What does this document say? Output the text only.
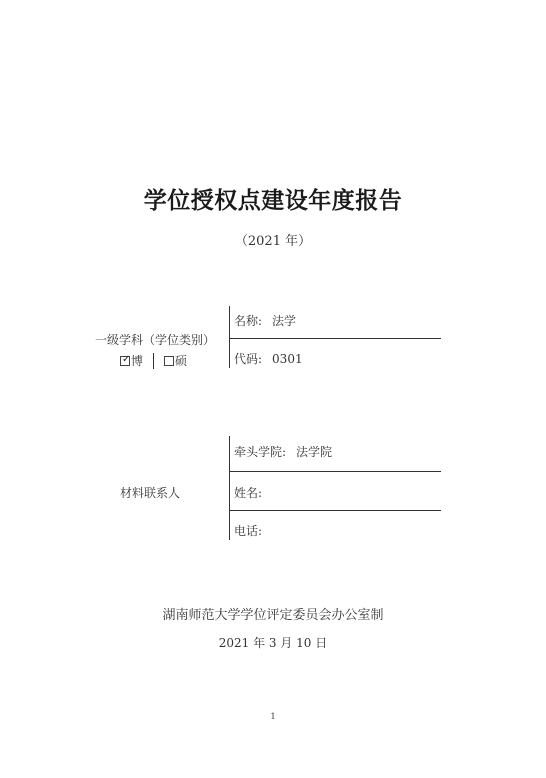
学位授权点建设年度报告
（2021 年）
一级学科（学位类别）
✓ 博	硕
名称: 法学
代码: 0301
材料联系人
牵头学院: 法学院
姓名:
电话:
湖南师范大学学位评定委员会办公室制
2021 年 3 月 10 日
1
